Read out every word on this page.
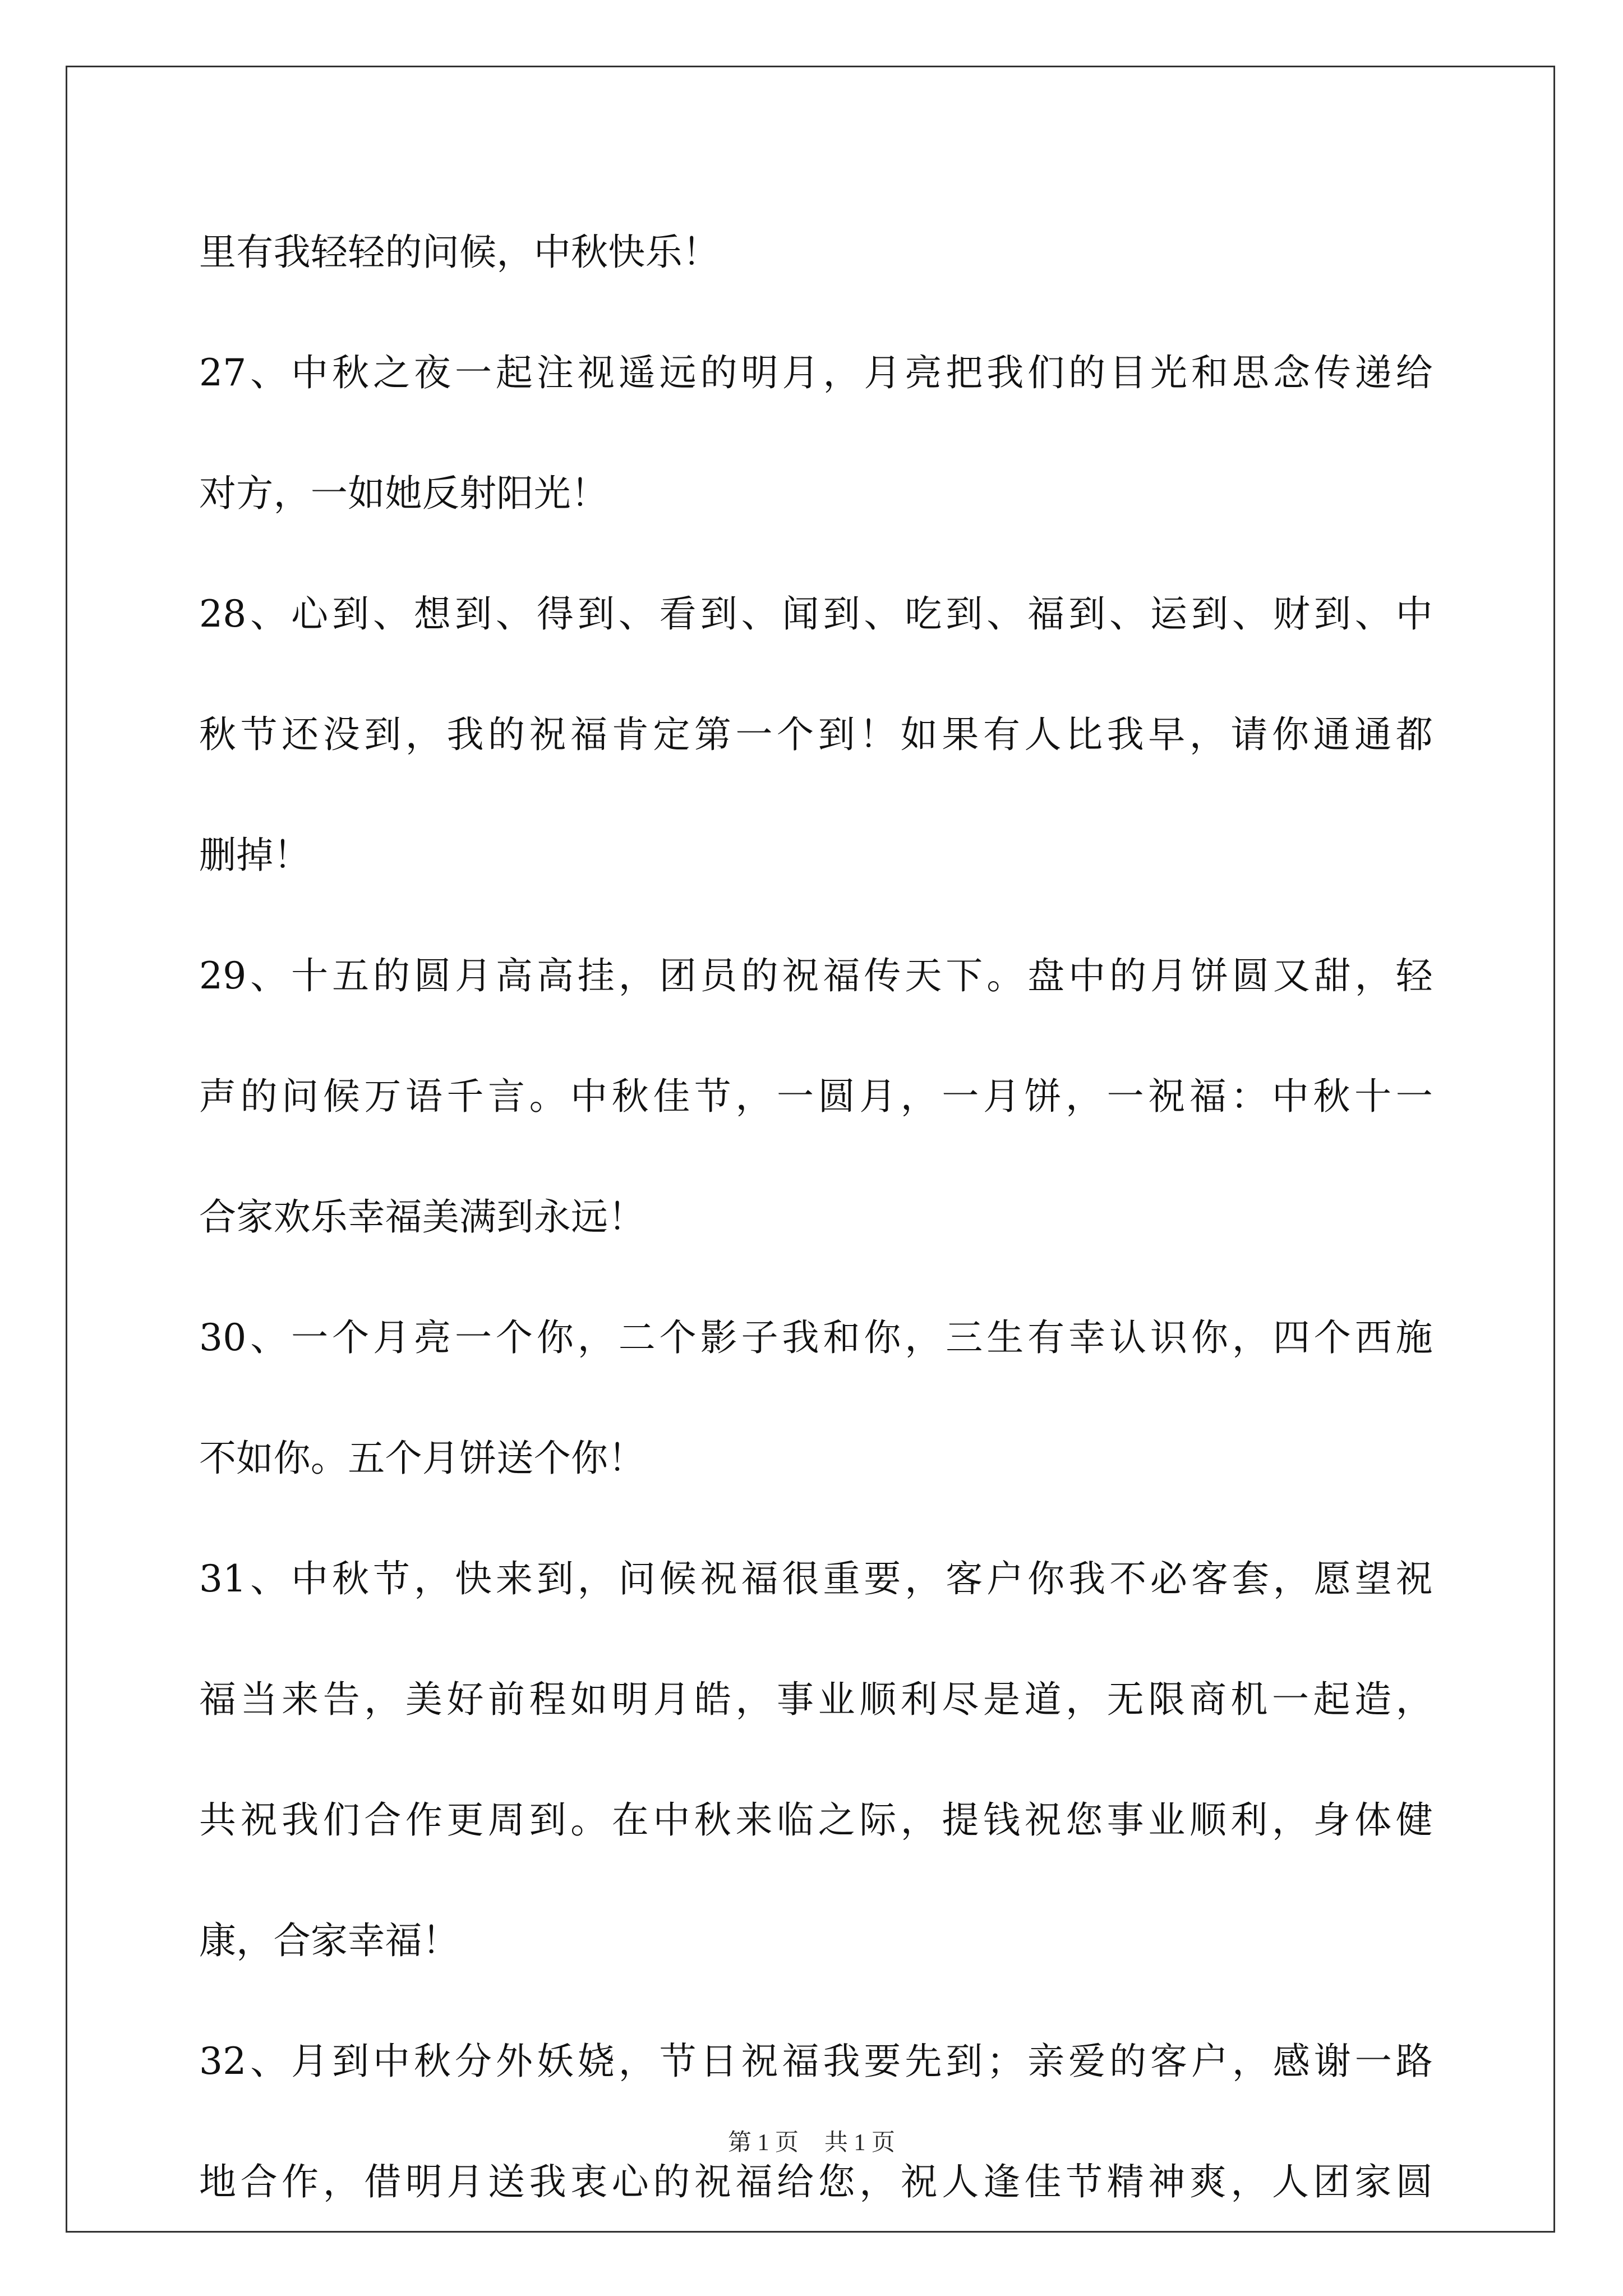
里有我轻轻的问候，中秋快乐！
27、中秋之夜一起注视遥远的明月，月亮把我们的目光和思念传递给
对方，一如她反射阳光！
28、心到、想到、得到、看到、闻到、吃到、福到、运到、财到、中
秋节还没到，我的祝福肯定第一个到！如果有人比我早，请你通通都
删掉！
29、十五的圆月高高挂，团员的祝福传天下。盘中的月饼圆又甜，轻
声的问候万语千言。中秋佳节，一圆月，一月饼，一祝福：中秋十一
合家欢乐幸福美满到永远！
30、一个月亮一个你，二个影子我和你，三生有幸认识你，四个西施
不如你。五个月饼送个你！
31、中秋节，快来到，问候祝福很重要，客户你我不必客套，愿望祝
福当来告，美好前程如明月皓，事业顺利尽是道，无限商机一起造，
共祝我们合作更周到。在中秋来临之际，提钱祝您事业顺利，身体健
康，合家幸福！
32、月到中秋分外妖娆，节日祝福我要先到；亲爱的客户，感谢一路
地合作，借明月送我衷心的祝福给您，祝人逢佳节精神爽，人团家圆
第 1 页 共 1 页
